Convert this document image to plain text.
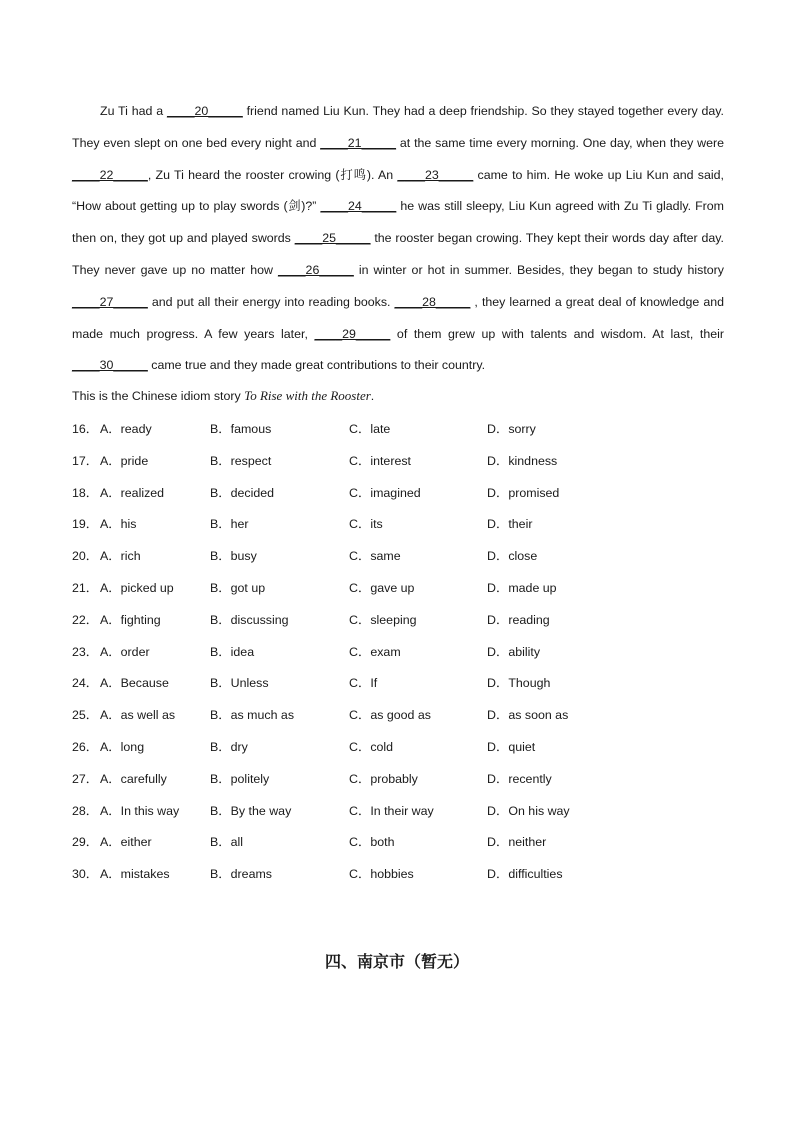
Zu Ti had a ____20_____ friend named Liu Kun. They had a deep friendship. So they stayed together every day. They even slept on one bed every night and ____21_____ at the same time every morning. One day, when they were ____22_____, Zu Ti heard the rooster crowing (打鸣). An ____23_____ came to him. He woke up Liu Kun and said, “How about getting up to play swords (剑)?” ____24_____ he was still sleepy, Liu Kun agreed with Zu Ti gladly. From then on, they got up and played swords ____25_____ the rooster began crowing. They kept their words day after day. They never gave up no matter how ____26_____ in winter or hot in summer. Besides, they began to study history ____27_____ and put all their energy into reading books. ____28_____ , they learned a great deal of knowledge and made much progress. A few years later, ____29_____ of them grew up with talents and wisdom. At last, their ____30_____ came true and they made great contributions to their country.

This is the Chinese idiom story To Rise with the Rooster.
16． A．ready	B．famous	C．late	D．sorry
17． A．pride	B．respect	C．interest	D．kindness
18． A．realized	B．decided	C．imagined	D．promised
19． A．his	B．her	C．its	D．their
20． A．rich	B．busy	C．same	D．close
21． A．picked up	B．got up	C．gave up	D．made up
22． A．fighting	B．discussing	C．sleeping	D．reading
23． A．order	B．idea	C．exam	D．ability
24． A．Because	B．Unless	C．If	D．Though
25． A．as well as	B．as much as	C．as good as	D．as soon as
26． A．long	B．dry	C．cold	D．quiet
27． A．carefully	B．politely	C．probably	D．recently
28． A．In this way B．By the way	C．In their way	D．On his way
29． A．either	B．all	C．both	D．neither
30． A．mistakes	B．dreams	C．hobbies	D．difficulties
四、南京市（暂无）
